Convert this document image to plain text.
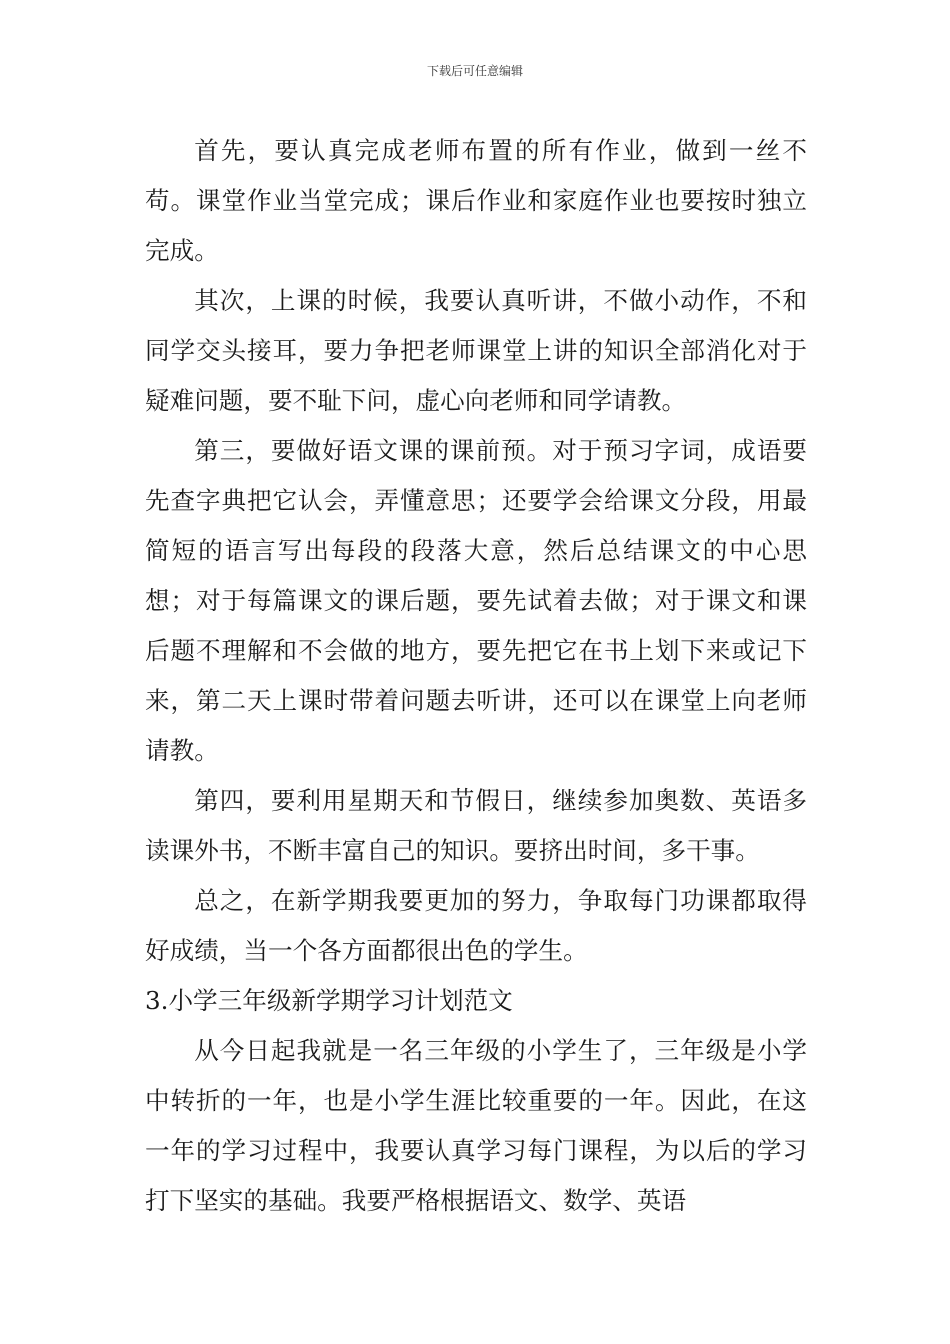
下载后可任意编辑

首先，要认真完成老师布置的所有作业，做到一丝不苟。课堂作业当堂完成；课后作业和家庭作业也要按时独立完成。

其次，上课的时候，我要认真听讲，不做小动作，不和同学交头接耳，要力争把老师课堂上讲的知识全部消化对于疑难问题，要不耻下问，虚心向老师和同学请教。

第三，要做好语文课的课前预。对于预习字词，成语要先查字典把它认会，弄懂意思；还要学会给课文分段，用最简短的语言写出每段的段落大意，然后总结课文的中心思想；对于每篇课文的课后题，要先试着去做；对于课文和课后题不理解和不会做的地方，要先把它在书上划下来或记下来，第二天上课时带着问题去听讲，还可以在课堂上向老师请教。

第四，要利用星期天和节假日，继续参加奥数、英语多读课外书，不断丰富自己的知识。要挤出时间，多干事。

总之，在新学期我要更加的努力，争取每门功课都取得好成绩，当一个各方面都很出色的学生。

3.小学三年级新学期学习计划范文

从今日起我就是一名三年级的小学生了，三年级是小学中转折的一年，也是小学生涯比较重要的一年。因此，在这一年的学习过程中，我要认真学习每门课程，为以后的学习打下坚实的基础。我要严格根据语文、数学、英语
